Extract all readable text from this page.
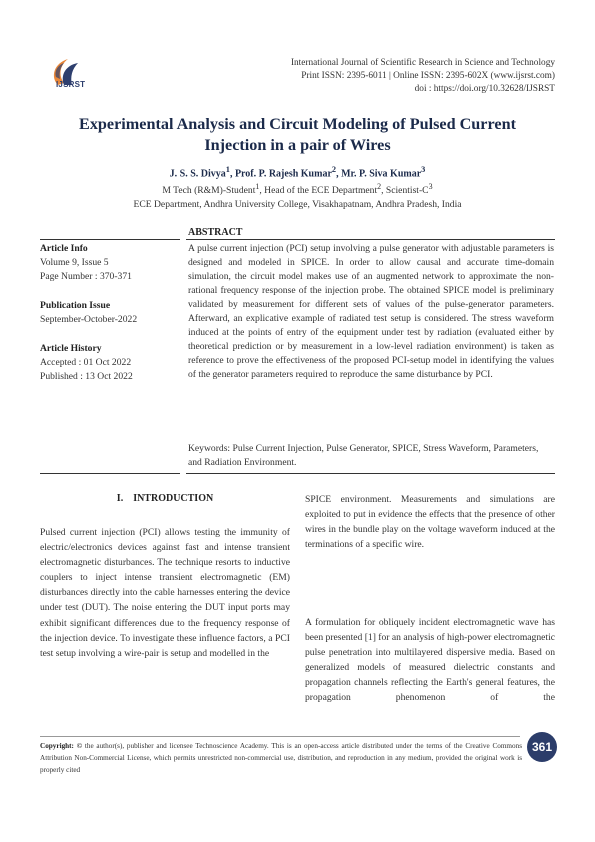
IJSRST
International Journal of Scientific Research in Science and Technology
Print ISSN: 2395-6011 | Online ISSN: 2395-602X (www.ijsrst.com)
doi : https://doi.org/10.32628/IJSRST
Experimental Analysis and Circuit Modeling of Pulsed Current
Injection in a pair of Wires
J. S. S. Divya$^1$, Prof. P. Rajesh Kumar$^2$, Mr. P. Siva Kumar$^3$
M Tech (R&M)-Student$^1$, Head of the ECE Department$^2$, Scientist-$C^3$
ECE Department, Andhra University College, Visakhapatnam, Andhra Pradesh, India
ABSTRACT
Article Info
Volume 9, Issue 5
Page Number : 370-371
Publication Issue
September-October-2022
Article History
Accepted : 01 Oct 2022
Published : 13 Oct 2022
A pulse current injection (PCI) setup involving a pulse generator with adjustable parameters is designed and modeled in SPICE. In order to allow causal and accurate time-domain simulation, the circuit model makes use of an augmented network to approximate the non-rational frequency response of the injection probe. The obtained SPICE model is preliminary validated by measurement for different sets of values of the pulse-generator parameters. Afterward, an explicative example of radiated test setup is considered. The stress waveform induced at the points of entry of the equipment under test by radiation (evaluated either by theoretical prediction or by measurement in a low-level radiation environment) is taken as reference to prove the effectiveness of the proposed PCI-setup model in identifying the values of the generator parameters required to reproduce the same disturbance by PCI.
Keywords: Pulse Current Injection, Pulse Generator, SPICE, Stress Waveform, Parameters, and Radiation Environment.
I. INTRODUCTION

Pulsed current injection (PCI) allows testing the immunity of electric/electronics devices against fast and intense transient electromagnetic disturbances. The technique resorts to inductive couplers to inject intense transient electromagnetic (EM) disturbances directly into the cable harnesses entering the device under test (DUT). The noise entering the DUT input ports may exhibit significant differences due to the frequency response of the injection device. To investigate these influence factors, a PCI test setup involving a wire-pair is setup and modelled in the

SPICE environment. Measurements and simulations are exploited to put in evidence the effects that the presence of other wires in the bundle play on the voltage waveform induced at the terminations of a specific wire.

A formulation for obliquely incident electromagnetic wave has been presented [1] for an analysis of high-power electromagnetic pulse penetration into multilayered dispersive media. Based on generalized models of measured dielectric constants and propagation channels reflecting the Earth's general features, the propagation phenomenon of the

Copyright: © the author(s), publisher and licensee Technoscience Academy. This is an open-access article distributed under the terms of the Creative Commons Attribution Non-Commercial License, which permits unrestricted non-commercial use, distribution, and reproduction in any medium, provided the original work is properly cited
361
